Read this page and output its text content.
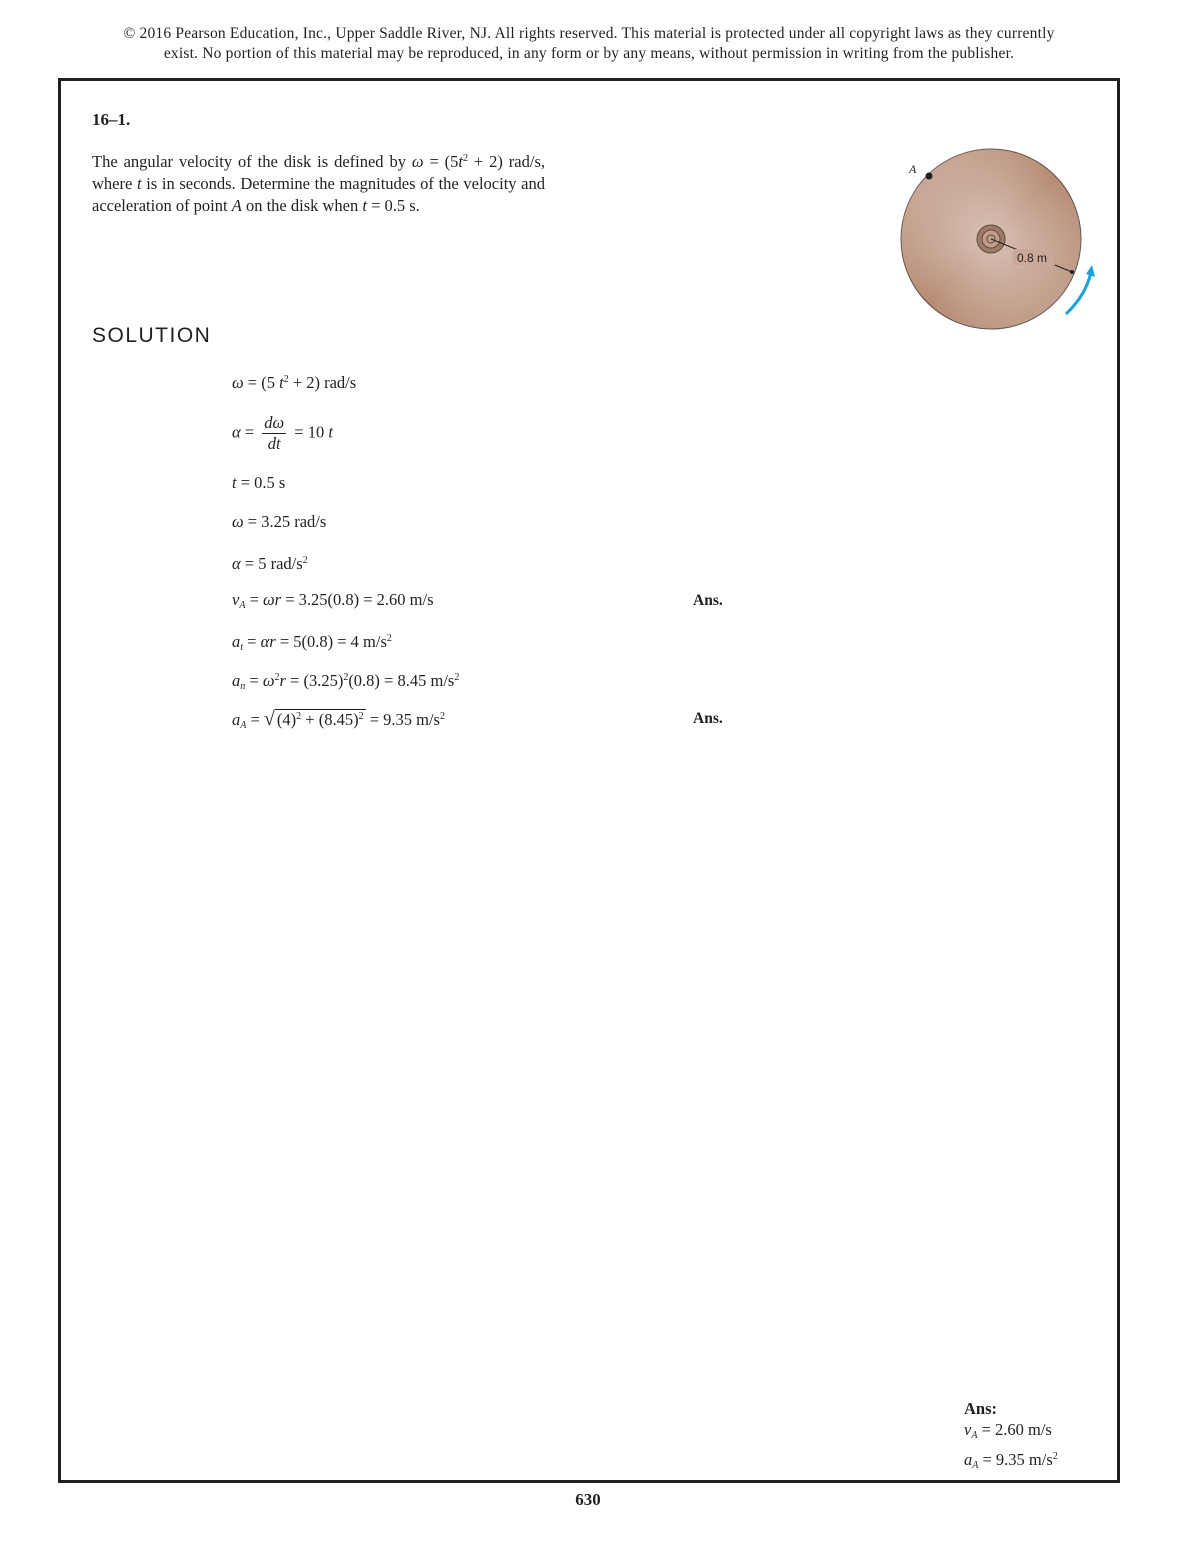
© 2016 Pearson Education, Inc., Upper Saddle River, NJ. All rights reserved. This material is protected under all copyright laws as they currently
exist. No portion of this material may be reproduced, in any form or by any means, without permission in writing from the publisher.
16–1.

The angular velocity of the disk is defined by $\omega = (5t^2 + 2)$ rad/s, where t is in seconds. Determine the magnitudes of the velocity and acceleration of point A on the disk when t = 0.5 s.

0.8 m
A
SOLUTION
ω = (5 $t^2 + 2$) rad/s
$\alpha = \frac{d\omega}{dt} = 10$ t
t = 0.5 s
ω = 3.25 rad/s
α = 5 rad/$s^2$
$v_A = \omega r = 3.25(0.8) = 2.60$ m/s	Ans.
$a_t = \alpha r = 5(0.8) = 4$ $m/s^2$
$a_n = \omega^2r = (3.25)^2(0.8) = 8.45$ $m/s^2$
$a_A$ = √ $(4)^2 + (8.45)^2 = 9.35$ $m/s^2$	Ans.
Ans:
$v_A = 2.60$ m/s
$a_A = 9.35$ $m/s^2$
630
